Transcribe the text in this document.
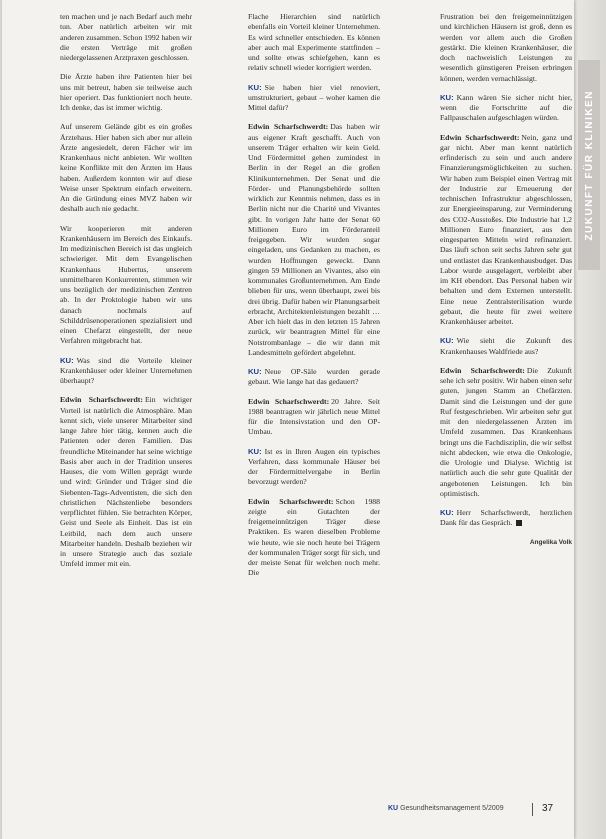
ZUKUNFT FÜR KLINIKEN

ten machen und je nach Bedarf auch mehr tun. Aber natürlich arbeiten wir mit anderen zusammen. Schon 1992 haben wir die ersten Verträge mit großen niedergelassenen Arztpraxen geschlossen.

Die Ärzte haben ihre Patienten hier bei uns mit betreut, haben sie teilweise auch hier operiert. Das funktioniert noch heute. Ich denke, das ist immer wichtig.

Auf unserem Gelände gibt es ein großes Ärztehaus. Hier haben sich aber nur allein Ärzte angesiedelt, deren Fächer wir im Krankenhaus nicht anbieten. Wir wollten keine Konflikte mit den Ärzten im Haus haben. Außerdem konnten wir auf diese Weise unser Spektrum einfach erweitern. An die Gründung eines MVZ haben wir deshalb auch nie gedacht.

Wir kooperieren mit anderen Krankenhäusern im Bereich des Einkaufs. Im medizinischen Bereich ist das ungleich schwieriger. Mit dem Evangelischen Krankenhaus Hubertus, unserem unmittelbaren Konkurrenten, stimmen wir uns bezüglich der medizinischen Zentren ab. In der Proktologie haben wir uns danach nochmals auf Schilddrüsenoperationen spezialisiert und einen Chefarzt eingestellt, der neue Verfahren mitgebracht hat.

KU: Was sind die Vorteile kleiner Krankenhäuser oder kleiner Unternehmen überhaupt?

Edwin Scharfschwerdt: Ein wichtiger Vorteil ist natürlich die Atmosphäre. Man kennt sich, viele unserer Mitarbeiter sind lange Jahre hier tätig, kennen auch die Patienten oder deren Familien. Das freundliche Miteinander hat seine wichtige Basis aber auch in der Tradition unseres Hauses, die vom Willen geprägt wurde und wird: Gründer und Träger sind die Siebenten-Tags-Adventisten, die sich den christlichen Nächstenliebe besonders verpflichtet fühlen. Sie betrachten Körper, Geist und Seele als Einheit. Das ist ein Leitbild, nach dem auch unsere Mitarbeiter handeln. Deshalb beziehen wir in unsere Strategie auch das soziale Umfeld immer mit ein.

Flache Hierarchien sind natürlich ebenfalls ein Vorteil kleiner Unternehmen. Es wird schneller entschieden. Es können aber auch mal Experimente stattfinden – und sollte etwas schiefgehen, kann es relativ schnell wieder korrigiert werden.

KU: Sie haben hier viel renoviert, umstrukturiert, gebaut – woher kamen die Mittel dafür?

Edwin Scharfschwerdt: Das haben wir aus eigener Kraft geschafft. Auch von unserem Träger erhalten wir kein Geld. Und Fördermittel gehen zumindest in Berlin in der Regel an die großen Klinikunternehmen. Der Senat und die Förder- und Planungsbehörde sollten wirklich zur Kenntnis nehmen, dass es in Berlin nicht nur die Charité und Vivantes gibt. In vorigen Jahr hatte der Senat 60 Millionen Euro im Förderanteil freigegeben. Wir wurden sogar eingeladen, uns Gedanken zu machen, es wurden Hoffnungen geweckt. Dann gingen 59 Millionen an Vivantes, also ein kommunales Großunternehmen. Am Ende blieben für uns, wenn überhaupt, zwei bis drei übrig. Dafür haben wir Planungsarbeit erbracht, Architektenleistungen bezahlt … Aber ich hielt das in den letzten 15 Jahren zurück, wir beantragten Mittel für eine Notstrombanlage – die wir dann mit Landesmitteln gefördert abgelehnt.

KU: Neue OP-Säle wurden gerade gebaut. Wie lange hat das gedauert?

Edwin Scharfschwerdt: 20 Jahre. Seit 1988 beantragten wir jährlich neue Mittel für die Intensivstation und den OP-Umbau.

KU: Ist es in Ihren Augen ein typisches Verfahren, dass kommunale Häuser bei der Fördermittelvergabe in Berlin bevorzugt werden?

Edwin Scharfschwerdt: Schon 1988 zeigte ein Gutachten der freigemeinnützigen Träger diese Praktiken. Es waren dieselben Probleme wie heute, wie sie noch heute bei Trägern der kommunalen Träger sorgt für sich, und der meiste Senat für welchen noch mehr. Die

Frustration bei den freigemeinnützigen und kirchlichen Häusern ist groß, denn es werden vor allem auch die Großen gestärkt. Die kleinen Krankenhäuser, die doch nachweislich Leistungen zu wesentlich günstigeren Preisen erbringen können, werden vernachlässigt.

KU: Kann wären Sie sicher nicht hier, wenn die Fortschritte auf die Fallpauschalen aufgeschlagen würden.

Edwin Scharfschwerdt: Nein, ganz und gar nicht. Aber man kennt natürlich erfinderisch zu sein und auch andere Finanzierungsmöglichkeiten zu suchen. Wir haben zum Beispiel einen Vertrag mit der Industrie zur Erneuerung der technischen Infrastruktur abgeschlossen, zur Energieeinsparung, zur Verminderung des CO2-Ausstoßes. Die Industrie hat 1,2 Millionen Euro finanziert, aus den eingesparten Mitteln wird refinanziert. Das läuft schon seit sechs Jahren sehr gut und entlastet das Krankenhausbudget. Das Labor wurde ausgelagert, verbleibt aber im KH ebendort. Das Personal haben wir behalten und dem Externen unterstellt. Eine neue Zentralsterilisation wurde gebaut, die heute für zwei weitere Krankenhäuser arbeitet.

KU: Wie sieht die Zukunft des Krankenhauses Waldfriede aus?

Edwin Scharfschwerdt: Die Zukunft sehe ich sehr positiv. Wir haben einen sehr guten, jungen Stamm an Chefärzten. Damit sind die Leistungen und der gute Ruf festgeschrieben. Wir arbeiten sehr gut mit den niedergelassenen Ärzten im Umfeld zusammen. Das Krankenhaus bringt uns die Fachdisziplin, die wir selbst nicht abdecken, wie etwa die Onkologie, die Urologie und Dialyse. Wichtig ist natürlich auch die sehr gute Qualität der angebotenen Leistungen. Ich bin optimistisch.

KU: Herr Scharfschwerdt, herzlichen Dank für das Gespräch.

Angelika Volk

KU Gesundheitsmanagement 5/2009	37
